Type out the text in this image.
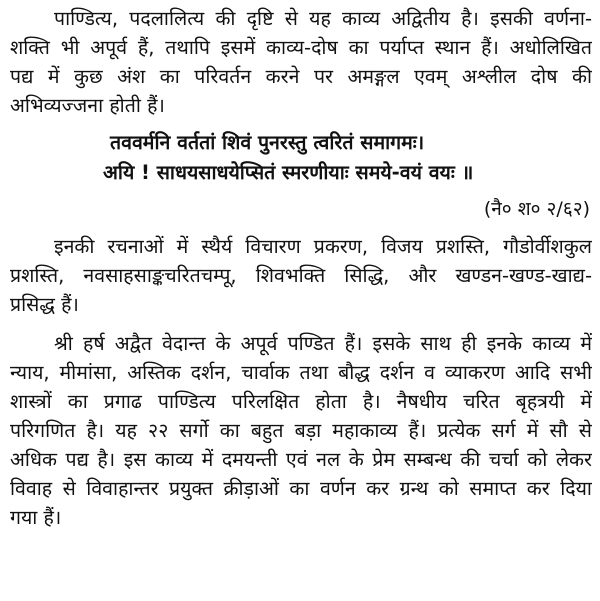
पाण्डित्य, पदलालित्य की दृष्टि से यह काव्य अद्वितीय है। इसकी वर्णना-
शक्ति भी अपूर्व हैं, तथापि इसमें काव्य-दोष का पर्याप्त स्थान हैं। अधोलिखित
पद्य में कुछ अंश का परिवर्तन करने पर अमङ्गल एवम् अश्लील दोष की
अभिव्यज्जना होती हैं।

तववर्मनि वर्ततां शिवं पुनरस्तु त्वरितं समागमः।
अयि ! साधयसाधयेप्सितं स्मरणीयाः समये-वयं वयः ॥
(नै० श० २/६२)

इनकी रचनाओं में स्थैर्य विचारण प्रकरण, विजय प्रशस्ति, गौडोर्वीशकुल
प्रशस्ति, नवसाहसाङ्कचरितचम्पू, शिवभक्ति सिद्धि, और खण्डन-खण्ड-खाद्य-
प्रसिद्ध हैं।

श्री हर्ष अद्वैत वेदान्त के अपूर्व पण्डित हैं। इसके साथ ही इनके काव्य में
न्याय, मीमांसा, अस्तिक दर्शन, चार्वाक तथा बौद्ध दर्शन व व्याकरण आदि सभी
शास्त्रों का प्रगाढ पाण्डित्य परिलक्षित होता है। नैषधीय चरित बृहत्रयी में
परिगणित है। यह २२ सर्गो का बहुत बड़ा महाकाव्य हैं। प्रत्येक सर्ग में सौ से
अधिक पद्य है। इस काव्य में दमयन्ती एवं नल के प्रेम सम्बन्ध की चर्चा को लेकर
विवाह से विवाहान्तर प्रयुक्त क्रीड़ाओं का वर्णन कर ग्रन्थ को समाप्त कर दिया
गया हैं।
